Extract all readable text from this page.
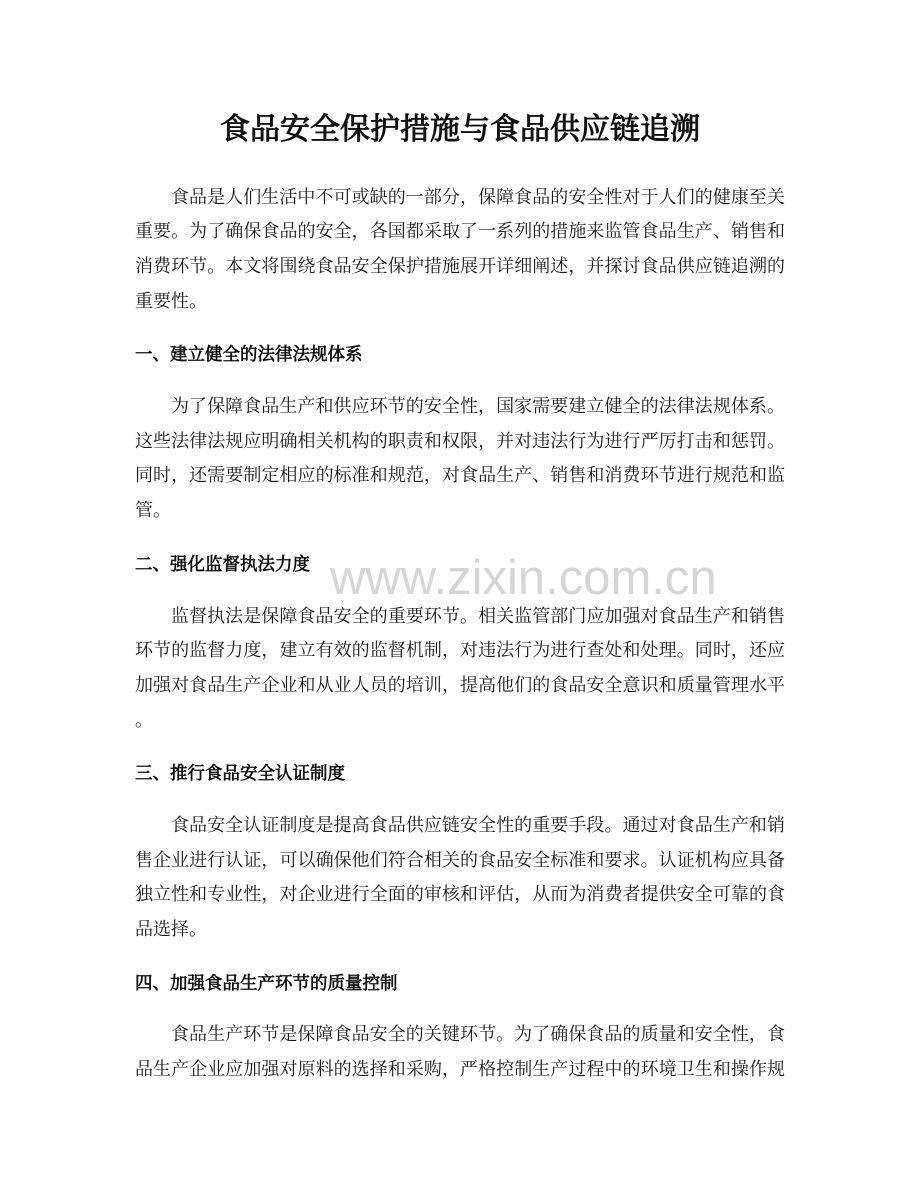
食品安全保护措施与食品供应链追溯
食品是人们生活中不可或缺的一部分，保障食品的安全性对于人们的健康至关
重要。为了确保食品的安全，各国都采取了一系列的措施来监管食品生产、销售和
消费环节。本文将围绕食品安全保护措施展开详细阐述，并探讨食品供应链追溯的
重要性。
一、建立健全的法律法规体系
为了保障食品生产和供应环节的安全性，国家需要建立健全的法律法规体系。
这些法律法规应明确相关机构的职责和权限，并对违法行为进行严厉打击和惩罚。
同时，还需要制定相应的标准和规范，对食品生产、销售和消费环节进行规范和监
管。
二、强化监督执法力度
监督执法是保障食品安全的重要环节。相关监管部门应加强对食品生产和销售
环节的监督力度，建立有效的监督机制，对违法行为进行查处和处理。同时，还应
加强对食品生产企业和从业人员的培训，提高他们的食品安全意识和质量管理水平
。
三、推行食品安全认证制度
食品安全认证制度是提高食品供应链安全性的重要手段。通过对食品生产和销
售企业进行认证，可以确保他们符合相关的食品安全标准和要求。认证机构应具备
独立性和专业性，对企业进行全面的审核和评估，从而为消费者提供安全可靠的食
品选择。
四、加强食品生产环节的质量控制
食品生产环节是保障食品安全的关键环节。为了确保食品的质量和安全性，食
品生产企业应加强对原料的选择和采购，严格控制生产过程中的环境卫生和操作规
www.zixin.com.cn
